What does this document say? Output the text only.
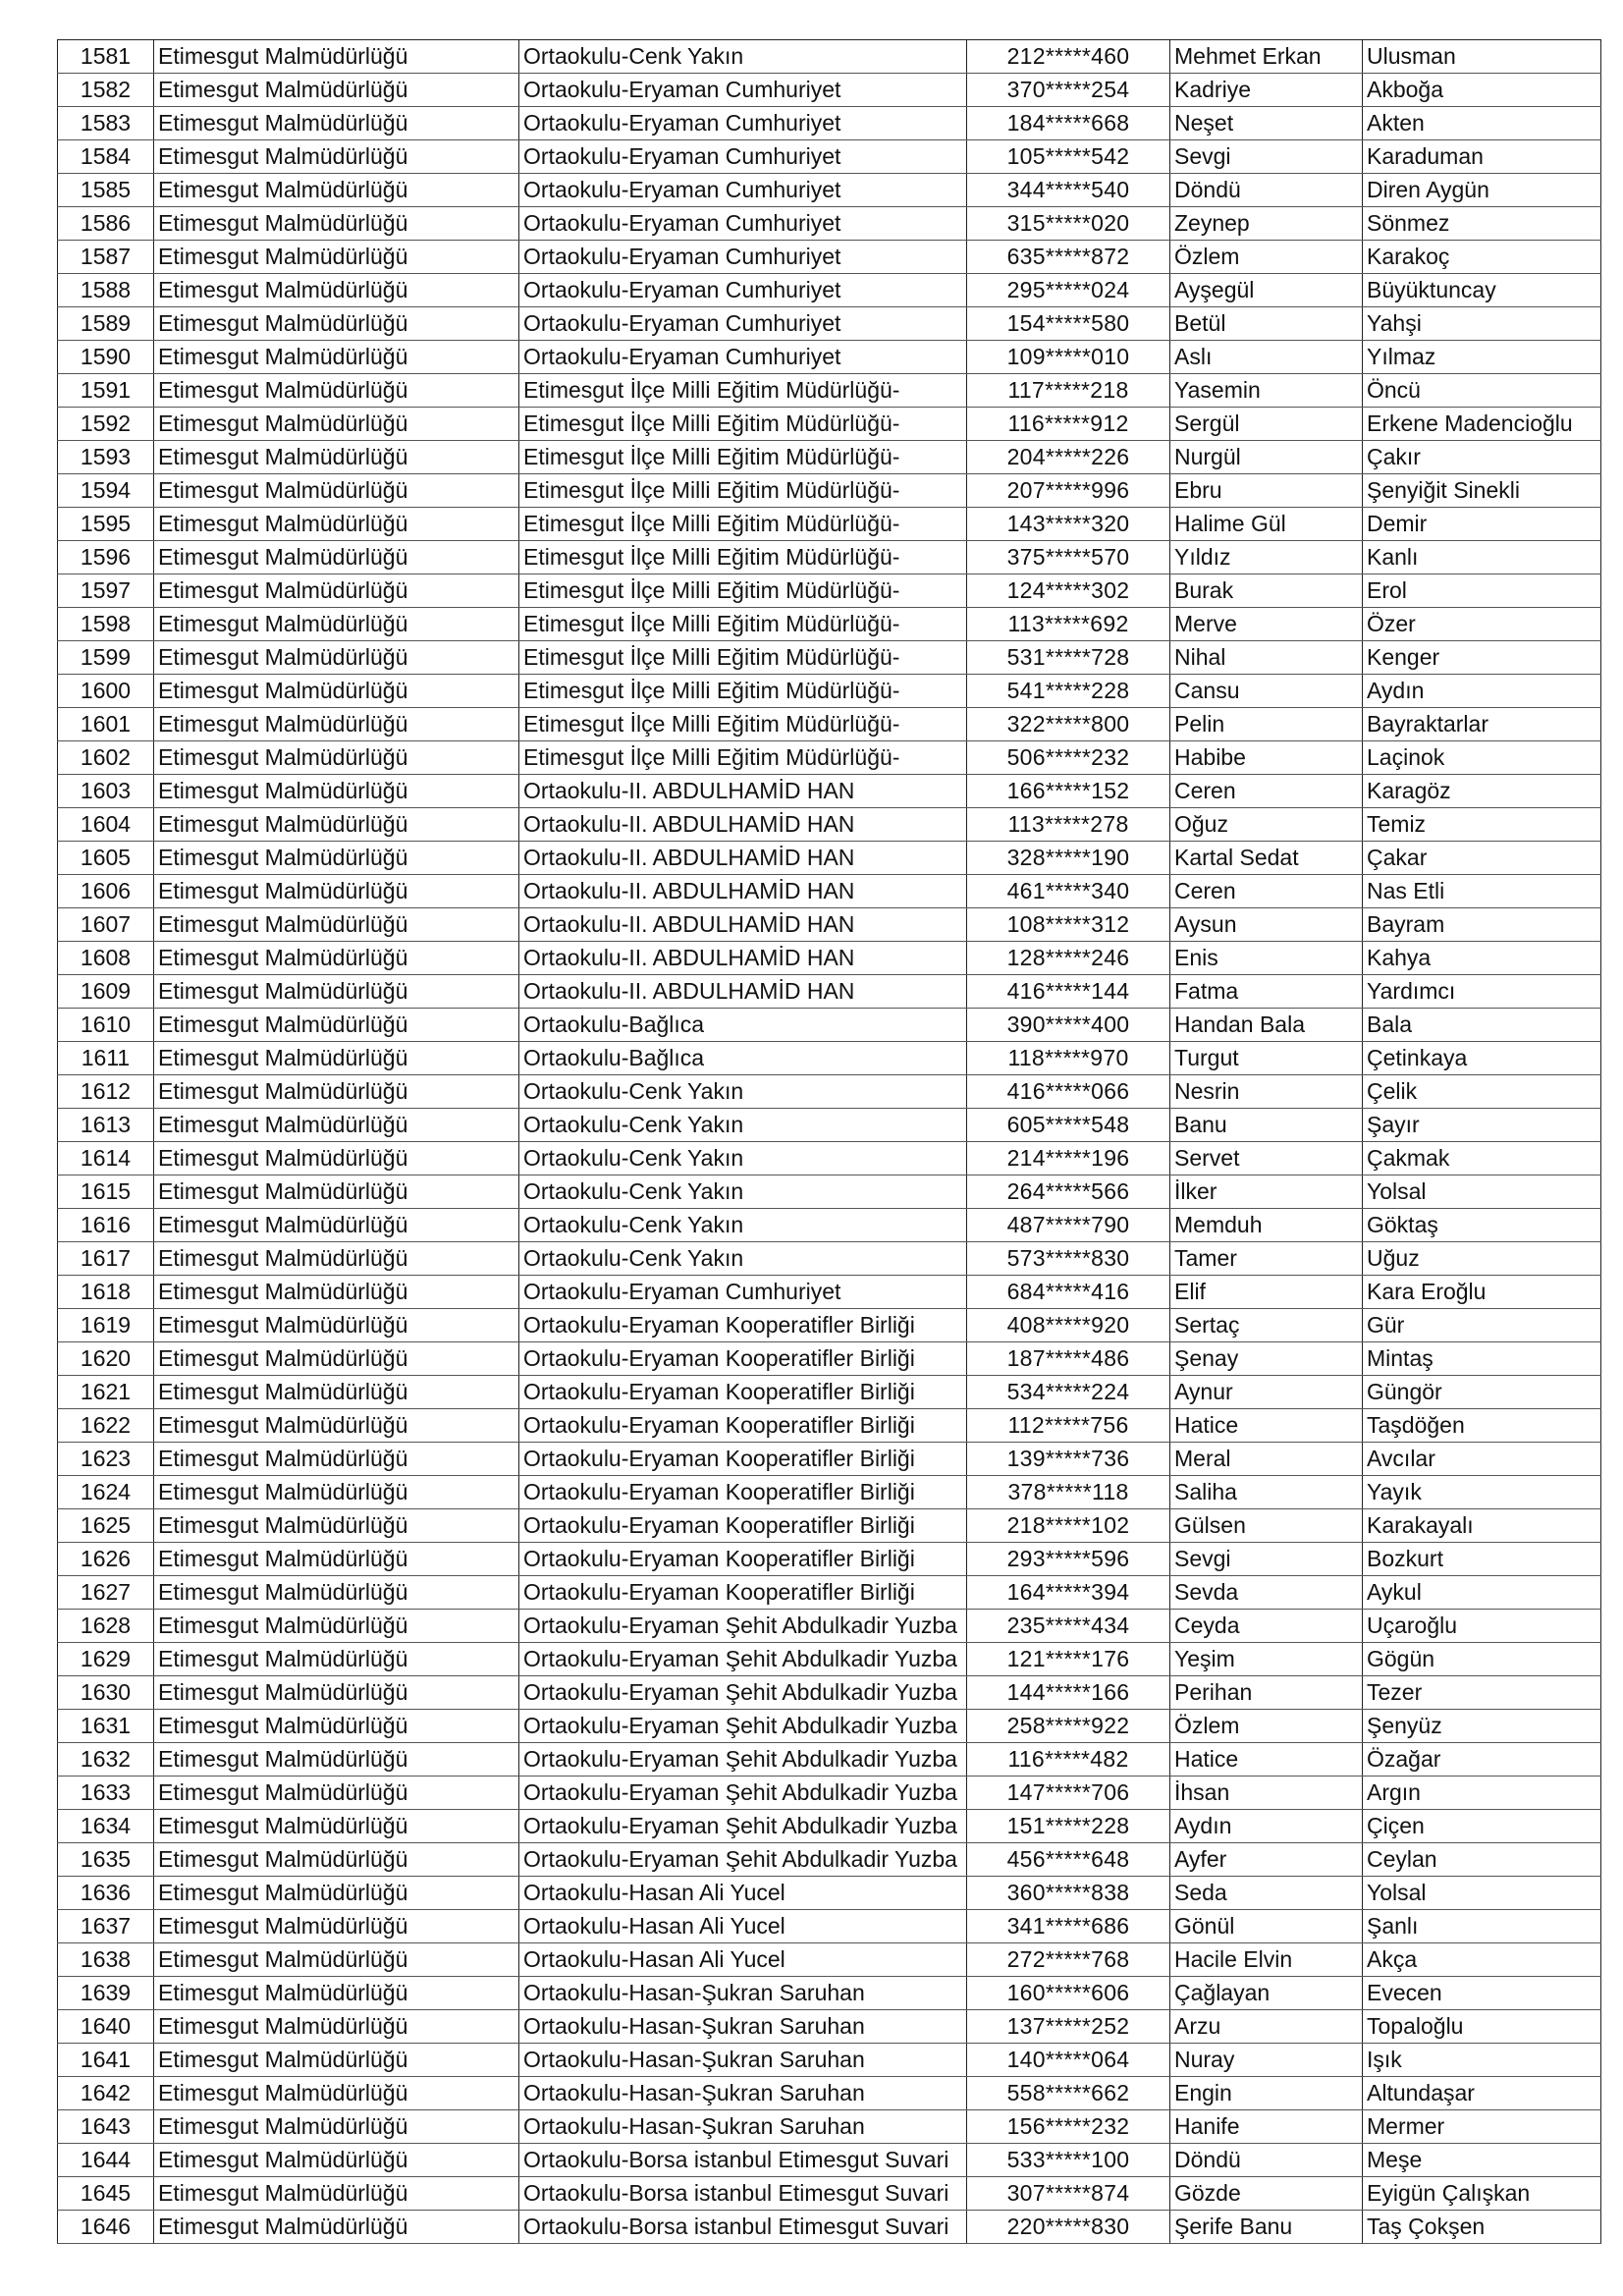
1581	Etimesgut Malmüdürlüğü	Ortaokulu-Cenk Yakın	212*****460	Mehmet Erkan	Ulusman
1582	Etimesgut Malmüdürlüğü	Ortaokulu-Eryaman Cumhuriyet	370*****254	Kadriye	Akboğa
1583	Etimesgut Malmüdürlüğü	Ortaokulu-Eryaman Cumhuriyet	184*****668	Neşet	Akten
1584	Etimesgut Malmüdürlüğü	Ortaokulu-Eryaman Cumhuriyet	105*****542	Sevgi	Karaduman
1585	Etimesgut Malmüdürlüğü	Ortaokulu-Eryaman Cumhuriyet	344*****540	Döndü	Diren Aygün
1586	Etimesgut Malmüdürlüğü	Ortaokulu-Eryaman Cumhuriyet	315*****020	Zeynep	Sönmez
1587	Etimesgut Malmüdürlüğü	Ortaokulu-Eryaman Cumhuriyet	635*****872	Özlem	Karakoç
1588	Etimesgut Malmüdürlüğü	Ortaokulu-Eryaman Cumhuriyet	295*****024	Ayşegül	Büyüktuncay
1589	Etimesgut Malmüdürlüğü	Ortaokulu-Eryaman Cumhuriyet	154*****580	Betül	Yahşi
1590	Etimesgut Malmüdürlüğü	Ortaokulu-Eryaman Cumhuriyet	109*****010	Aslı	Yılmaz
1591	Etimesgut Malmüdürlüğü	Etimesgut İlçe Milli Eğitim Müdürlüğü-	117*****218	Yasemin	Öncü
1592	Etimesgut Malmüdürlüğü	Etimesgut İlçe Milli Eğitim Müdürlüğü-	116*****912	Sergül	Erkene Madencioğlu
1593	Etimesgut Malmüdürlüğü	Etimesgut İlçe Milli Eğitim Müdürlüğü-	204*****226	Nurgül	Çakır
1594	Etimesgut Malmüdürlüğü	Etimesgut İlçe Milli Eğitim Müdürlüğü-	207*****996	Ebru	Şenyiğit Sinekli
1595	Etimesgut Malmüdürlüğü	Etimesgut İlçe Milli Eğitim Müdürlüğü-	143*****320	Halime Gül	Demir
1596	Etimesgut Malmüdürlüğü	Etimesgut İlçe Milli Eğitim Müdürlüğü-	375*****570	Yıldız	Kanlı
1597	Etimesgut Malmüdürlüğü	Etimesgut İlçe Milli Eğitim Müdürlüğü-	124*****302	Burak	Erol
1598	Etimesgut Malmüdürlüğü	Etimesgut İlçe Milli Eğitim Müdürlüğü-	113*****692	Merve	Özer
1599	Etimesgut Malmüdürlüğü	Etimesgut İlçe Milli Eğitim Müdürlüğü-	531*****728	Nihal	Kenger
1600	Etimesgut Malmüdürlüğü	Etimesgut İlçe Milli Eğitim Müdürlüğü-	541*****228	Cansu	Aydın
1601	Etimesgut Malmüdürlüğü	Etimesgut İlçe Milli Eğitim Müdürlüğü-	322*****800	Pelin	Bayraktarlar
1602	Etimesgut Malmüdürlüğü	Etimesgut İlçe Milli Eğitim Müdürlüğü-	506*****232	Habibe	Laçinok
1603	Etimesgut Malmüdürlüğü	Ortaokulu-II. ABDULHAMİD HAN	166*****152	Ceren	Karagöz
1604	Etimesgut Malmüdürlüğü	Ortaokulu-II. ABDULHAMİD HAN	113*****278	Oğuz	Temiz
1605	Etimesgut Malmüdürlüğü	Ortaokulu-II. ABDULHAMİD HAN	328*****190	Kartal Sedat	Çakar
1606	Etimesgut Malmüdürlüğü	Ortaokulu-II. ABDULHAMİD HAN	461*****340	Ceren	Nas Etli
1607	Etimesgut Malmüdürlüğü	Ortaokulu-II. ABDULHAMİD HAN	108*****312	Aysun	Bayram
1608	Etimesgut Malmüdürlüğü	Ortaokulu-II. ABDULHAMİD HAN	128*****246	Enis	Kahya
1609	Etimesgut Malmüdürlüğü	Ortaokulu-II. ABDULHAMİD HAN	416*****144	Fatma	Yardımcı
1610	Etimesgut Malmüdürlüğü	Ortaokulu-Bağlıca	390*****400	Handan Bala	Bala
1611	Etimesgut Malmüdürlüğü	Ortaokulu-Bağlıca	118*****970	Turgut	Çetinkaya
1612	Etimesgut Malmüdürlüğü	Ortaokulu-Cenk Yakın	416*****066	Nesrin	Çelik
1613	Etimesgut Malmüdürlüğü	Ortaokulu-Cenk Yakın	605*****548	Banu	Şayır
1614	Etimesgut Malmüdürlüğü	Ortaokulu-Cenk Yakın	214*****196	Servet	Çakmak
1615	Etimesgut Malmüdürlüğü	Ortaokulu-Cenk Yakın	264*****566	İlker	Yolsal
1616	Etimesgut Malmüdürlüğü	Ortaokulu-Cenk Yakın	487*****790	Memduh	Göktaş
1617	Etimesgut Malmüdürlüğü	Ortaokulu-Cenk Yakın	573*****830	Tamer	Uğuz
1618	Etimesgut Malmüdürlüğü	Ortaokulu-Eryaman Cumhuriyet	684*****416	Elif	Kara Eroğlu
1619	Etimesgut Malmüdürlüğü	Ortaokulu-Eryaman Kooperatifler Birliği	408*****920	Sertaç	Gür
1620	Etimesgut Malmüdürlüğü	Ortaokulu-Eryaman Kooperatifler Birliği	187*****486	Şenay	Mintaş
1621	Etimesgut Malmüdürlüğü	Ortaokulu-Eryaman Kooperatifler Birliği	534*****224	Aynur	Güngör
1622	Etimesgut Malmüdürlüğü	Ortaokulu-Eryaman Kooperatifler Birliği	112*****756	Hatice	Taşdöğen
1623	Etimesgut Malmüdürlüğü	Ortaokulu-Eryaman Kooperatifler Birliği	139*****736	Meral	Avcılar
1624	Etimesgut Malmüdürlüğü	Ortaokulu-Eryaman Kooperatifler Birliği	378*****118	Saliha	Yayık
1625	Etimesgut Malmüdürlüğü	Ortaokulu-Eryaman Kooperatifler Birliği	218*****102	Gülsen	Karakayalı
1626	Etimesgut Malmüdürlüğü	Ortaokulu-Eryaman Kooperatifler Birliği	293*****596	Sevgi	Bozkurt
1627	Etimesgut Malmüdürlüğü	Ortaokulu-Eryaman Kooperatifler Birliği	164*****394	Sevda	Aykul
1628	Etimesgut Malmüdürlüğü	Ortaokulu-Eryaman Şehit Abdulkadir Yuzba	235*****434	Ceyda	Uçaroğlu
1629	Etimesgut Malmüdürlüğü	Ortaokulu-Eryaman Şehit Abdulkadir Yuzba	121*****176	Yeşim	Gögün
1630	Etimesgut Malmüdürlüğü	Ortaokulu-Eryaman Şehit Abdulkadir Yuzba	144*****166	Perihan	Tezer
1631	Etimesgut Malmüdürlüğü	Ortaokulu-Eryaman Şehit Abdulkadir Yuzba	258*****922	Özlem	Şenyüz
1632	Etimesgut Malmüdürlüğü	Ortaokulu-Eryaman Şehit Abdulkadir Yuzba	116*****482	Hatice	Özağar
1633	Etimesgut Malmüdürlüğü	Ortaokulu-Eryaman Şehit Abdulkadir Yuzba	147*****706	İhsan	Argın
1634	Etimesgut Malmüdürlüğü	Ortaokulu-Eryaman Şehit Abdulkadir Yuzba	151*****228	Aydın	Çiçen
1635	Etimesgut Malmüdürlüğü	Ortaokulu-Eryaman Şehit Abdulkadir Yuzba	456*****648	Ayfer	Ceylan
1636	Etimesgut Malmüdürlüğü	Ortaokulu-Hasan Ali Yucel	360*****838	Seda	Yolsal
1637	Etimesgut Malmüdürlüğü	Ortaokulu-Hasan Ali Yucel	341*****686	Gönül	Şanlı
1638	Etimesgut Malmüdürlüğü	Ortaokulu-Hasan Ali Yucel	272*****768	Hacile Elvin	Akça
1639	Etimesgut Malmüdürlüğü	Ortaokulu-Hasan-Şukran Saruhan	160*****606	Çağlayan	Evecen
1640	Etimesgut Malmüdürlüğü	Ortaokulu-Hasan-Şukran Saruhan	137*****252	Arzu	Topaloğlu
1641	Etimesgut Malmüdürlüğü	Ortaokulu-Hasan-Şukran Saruhan	140*****064	Nuray	Işık
1642	Etimesgut Malmüdürlüğü	Ortaokulu-Hasan-Şukran Saruhan	558*****662	Engin	Altundaşar
1643	Etimesgut Malmüdürlüğü	Ortaokulu-Hasan-Şukran Saruhan	156*****232	Hanife	Mermer
1644	Etimesgut Malmüdürlüğü	Ortaokulu-Borsa istanbul Etimesgut Suvari	533*****100	Döndü	Meşe
1645	Etimesgut Malmüdürlüğü	Ortaokulu-Borsa istanbul Etimesgut Suvari	307*****874	Gözde	Eyigün Çalışkan
1646	Etimesgut Malmüdürlüğü	Ortaokulu-Borsa istanbul Etimesgut Suvari	220*****830	Şerife Banu	Taş Çokşen
